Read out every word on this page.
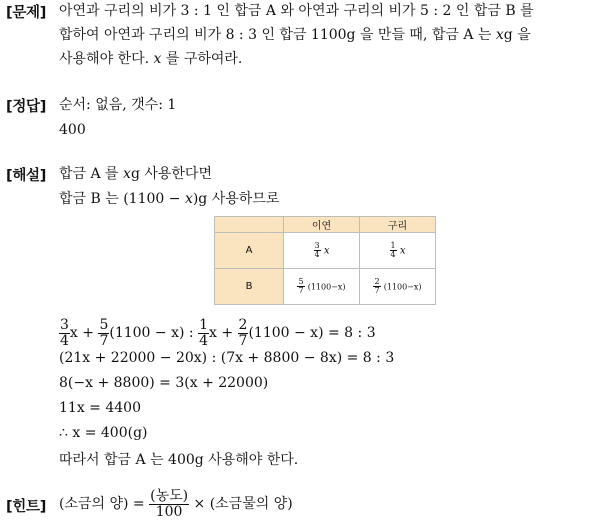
[문제] 아연과 구리의 비가 3 : 1 인 합금 A 와 아연과 구리의 비가 5 : 2 인 합금 B 를
합하여 아연과 구리의 비가 8 : 3 인 합금 1100g 을 만들 때, 합금 A 는 xg 을
사용해야 한다. x 를 구하여라.
[정답] 순서: 없음, 갯수: 1
400
[해설] 합금 A 를 xg 사용한다면
합금 B 는 (1100 − x)g 사용하므로
	이연	구리
A	$\frac{3}{4}$ x	$\frac{1}{4}$ x
B	$\frac{5}{7} (1100-x)$	$\frac{2}{7} (1100-x)$
$\frac{3}{4}$ $x + \frac{5}{7} (1100 - x)$ : $\frac{1}{4}$ $x + \frac{2}{7} (1100 - x) = 8$ : 3
(21x + 22000 − 20x) : (7x + 8800 − 8x) = 8 : 3
8(−x + 8800) = 3(x + 22000)
11x = 4400
∴ x = 400(g)
따라서 합금 A 는 400g 사용해야 한다.
[힌트] (소금의 양) = $\frac{\text{(농도)}}{100}$ × (소금물의 양)
